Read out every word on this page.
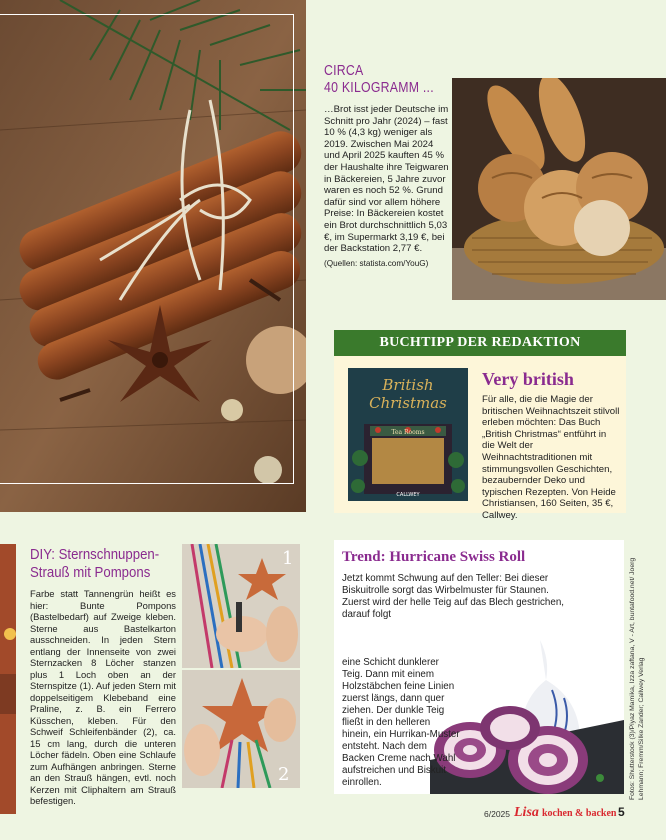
CIRCA
40 KILOGRAMM ...
…Brot isst jeder Deutsche im Schnitt pro Jahr (2024) – fast 10 % (4,3 kg) weniger als 2019. Zwischen Mai 2024 und April 2025 kauften 45 % der Haushalte ihre Teigwaren in Bäckereien, 5 Jahre zuvor waren es noch 52 %. Grund dafür sind vor allem höhere Preise: In Bäckereien kostet ein Brot durchschnittlich 5,03 €, im Supermarkt 3,19 €, bei der Backstation 2,77 €.
(Quellen: statista.com/YouG)
BUCHTIPP DER REDAKTION
British
Christmas
Tea Rooms
CALLWEY
Very british
Für alle, die die Magie der britischen Weihnachtszeit stilvoll erleben möchten: Das Buch „British Christmas“ entführt in die Welt der Weihnachtstraditionen mit stimmungsvollen Geschichten, bezaubernder Deko und typischen Rezepten. Von Heide Christiansen, 160 Seiten, 35 €, Callwey.
DIY: Sternschnuppen-Strauß mit Pompons
Farbe statt Tannengrün heißt es hier: Bunte Pompons (Bastelbedarf) auf Zweige kleben. Sterne aus Bastelkarton ausschneiden. In jeden Stern entlang der Innenseite von zwei Sternzacken 8 Löcher stanzen plus 1 Loch oben an der Sternspitze (1). Auf jeden Stern mit doppelseitigem Klebeband eine Praline, z. B. ein Ferrero Küsschen, kleben. Für den Schweif Schleifenbänder (2), ca. 15 cm lang, durch die unteren Löcher fädeln. Oben eine Schlaufe zum Aufhängen anbringen. Sterne an den Strauß hängen, evtl. noch Kerzen mit Cliphaltern am Strauß befestigen.
1
2
Trend: Hurricane Swiss Roll
Jetzt kommt Schwung auf den Teller: Bei dieser Biskuitrolle sorgt das Wirbelmuster für Staunen. Zuerst wird der helle Teig auf das Blech gestrichen, darauf folgt
eine Schicht dunklerer Teig. Dann mit einem Holzstäbchen feine Linien zuerst längs, dann quer ziehen. Der dunkle Teig fließt in den helleren hinein, ein Hurrikan-Muster entsteht. Nach dem Backen Creme nach Wahl aufstreichen und Biskuit einrollen.	Fotos: Shutterstock (3)/Piyaz Mamika, Izza zaftana, V - Art, buntafood.net/ Joerg Lehmann; Fremm/Silke Zander; Callwey Verlag
6/2025 Lisa kochen & backen 5
